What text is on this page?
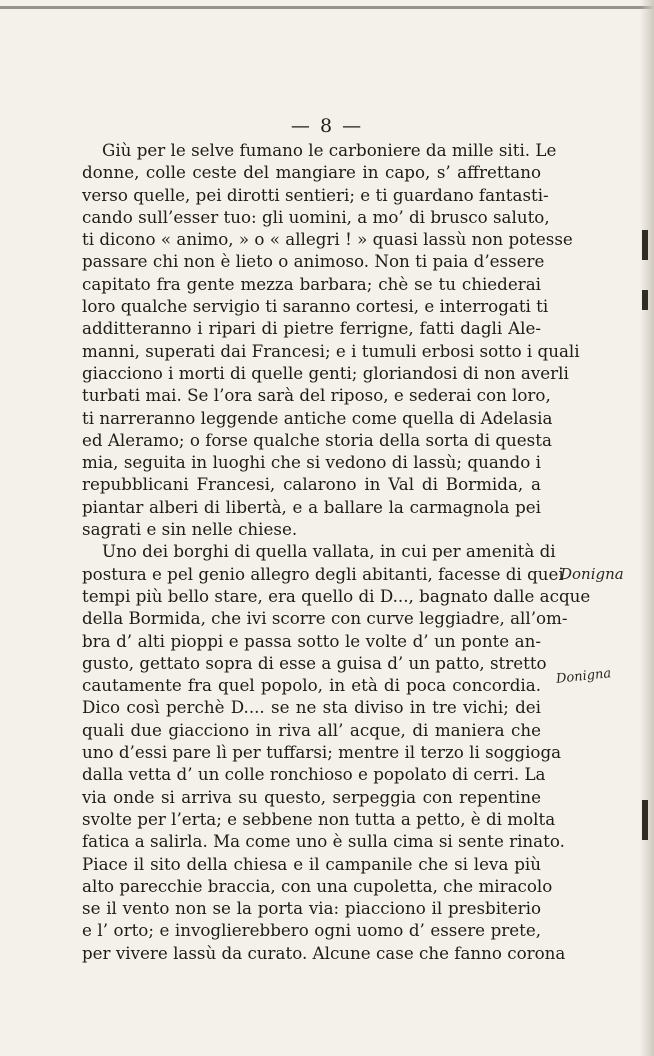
— 8 —
Giù per le selve fumano le carboniere da mille siti. Le
donne, colle ceste del mangiare in capo, s’ affrettano
verso quelle, pei dirotti sentieri; e ti guardano fantasti-
cando sull’esser tuo: gli uomini, a mo’ di brusco saluto,
ti dicono « animo, » o « allegri ! » quasi lassù non potesse
passare chi non è lieto o animoso. Non ti paia d’essere
capitato fra gente mezza barbara; chè se tu chiederai
loro qualche servigio ti saranno cortesi, e interrogati ti
additteranno i ripari di pietre ferrigne, fatti dagli Ale-
manni, superati dai Francesi; e i tumuli erbosi sotto i quali
giacciono i morti di quelle genti; gloriandosi di non averli
turbati mai. Se l’ora sarà del riposo, e sederai con loro,
ti narreranno leggende antiche come quella di Adelasia
ed Aleramo; o forse qualche storia della sorta di questa
mia, seguita in luoghi che si vedono di lassù; quando i
repubblicani Francesi, calarono in Val di Bormida, a
piantar alberi di libertà, e a ballare la carmagnola pei
sagrati e sin nelle chiese.
Uno dei borghi di quella vallata, in cui per amenità di
postura e pel genio allegro degli abitanti, facesse di quei
tempi più bello stare, era quello di D..., bagnato dalle acque
della Bormida, che ivi scorre con curve leggiadre, all’om-
bra d’ alti pioppi e passa sotto le volte d’ un ponte an-
gusto, gettato sopra di esse a guisa d’ un patto, stretto
cautamente fra quel popolo, in età di poca concordia.
Dico così perchè D.... se ne sta diviso in tre vichi; dei
quali due giacciono in riva all’ acque, di maniera che
uno d’essi pare lì per tuffarsi; mentre il terzo li soggioga
dalla vetta d’ un colle ronchioso e popolato di cerri. La
via onde si arriva su questo, serpeggia con repentine
svolte per l’erta; e sebbene non tutta a petto, è di molta
fatica a salirla. Ma come uno è sulla cima si sente rinato.
Piace il sito della chiesa e il campanile che si leva più
alto parecchie braccia, con una cupoletta, che miracolo
se il vento non se la porta via: piacciono il presbiterio
e l’ orto; e invoglierebbero ogni uomo d’ essere prete,
per vivere lassù da curato. Alcune case che fanno corona
Donigna
Donigna
